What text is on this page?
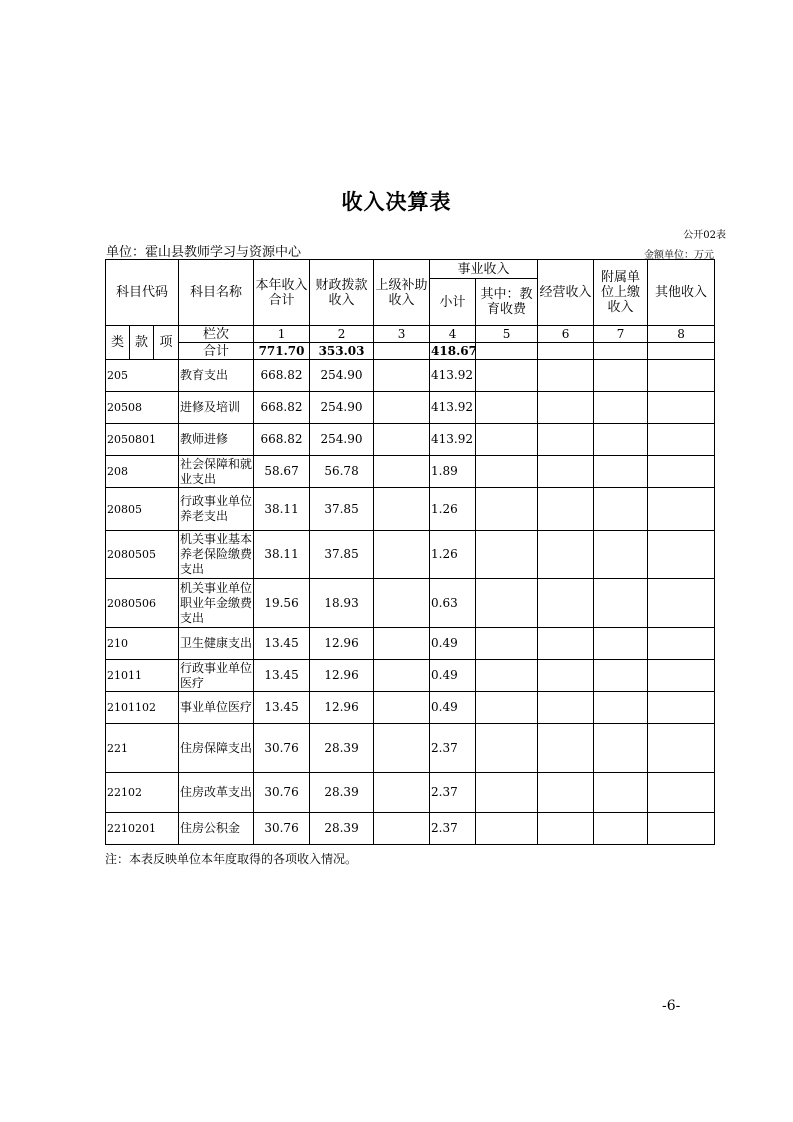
收入决算表
公开02表
单位：霍山县教师学习与资源中心	金额单位：万元
科目代码			科目名称	本年收入合计	财政拨款收入	上级补助收入	事业收入		经营收入	附属单位上缴收入	其他收入
							小计	其中：教育收费			

类	款	项	栏次	1	2	3	4	5	6	7	8
			合计	771.70	353.03		418.67				
205			教育支出	668.82	254.90		413.92				
20508			进修及培训	668.82	254.90		413.92				
2050801			教师进修	668.82	254.90		413.92				
208			社会保障和就业支出	58.67	56.78		1.89				
20805			行政事业单位养老支出	38.11	37.85		1.26				
2080505			机关事业基本养老保险缴费支出	38.11	37.85		1.26				
2080506			机关事业单位职业年金缴费支出	19.56	18.93		0.63				
210			卫生健康支出	13.45	12.96		0.49				
21011			行政事业单位医疗	13.45	12.96		0.49				
2101102			事业单位医疗	13.45	12.96		0.49				
221			住房保障支出	30.76	28.39		2.37				
22102			住房改革支出	30.76	28.39		2.37				
2210201			住房公积金	30.76	28.39		2.37				
注：本表反映单位本年度取得的各项收入情况。
-6-
